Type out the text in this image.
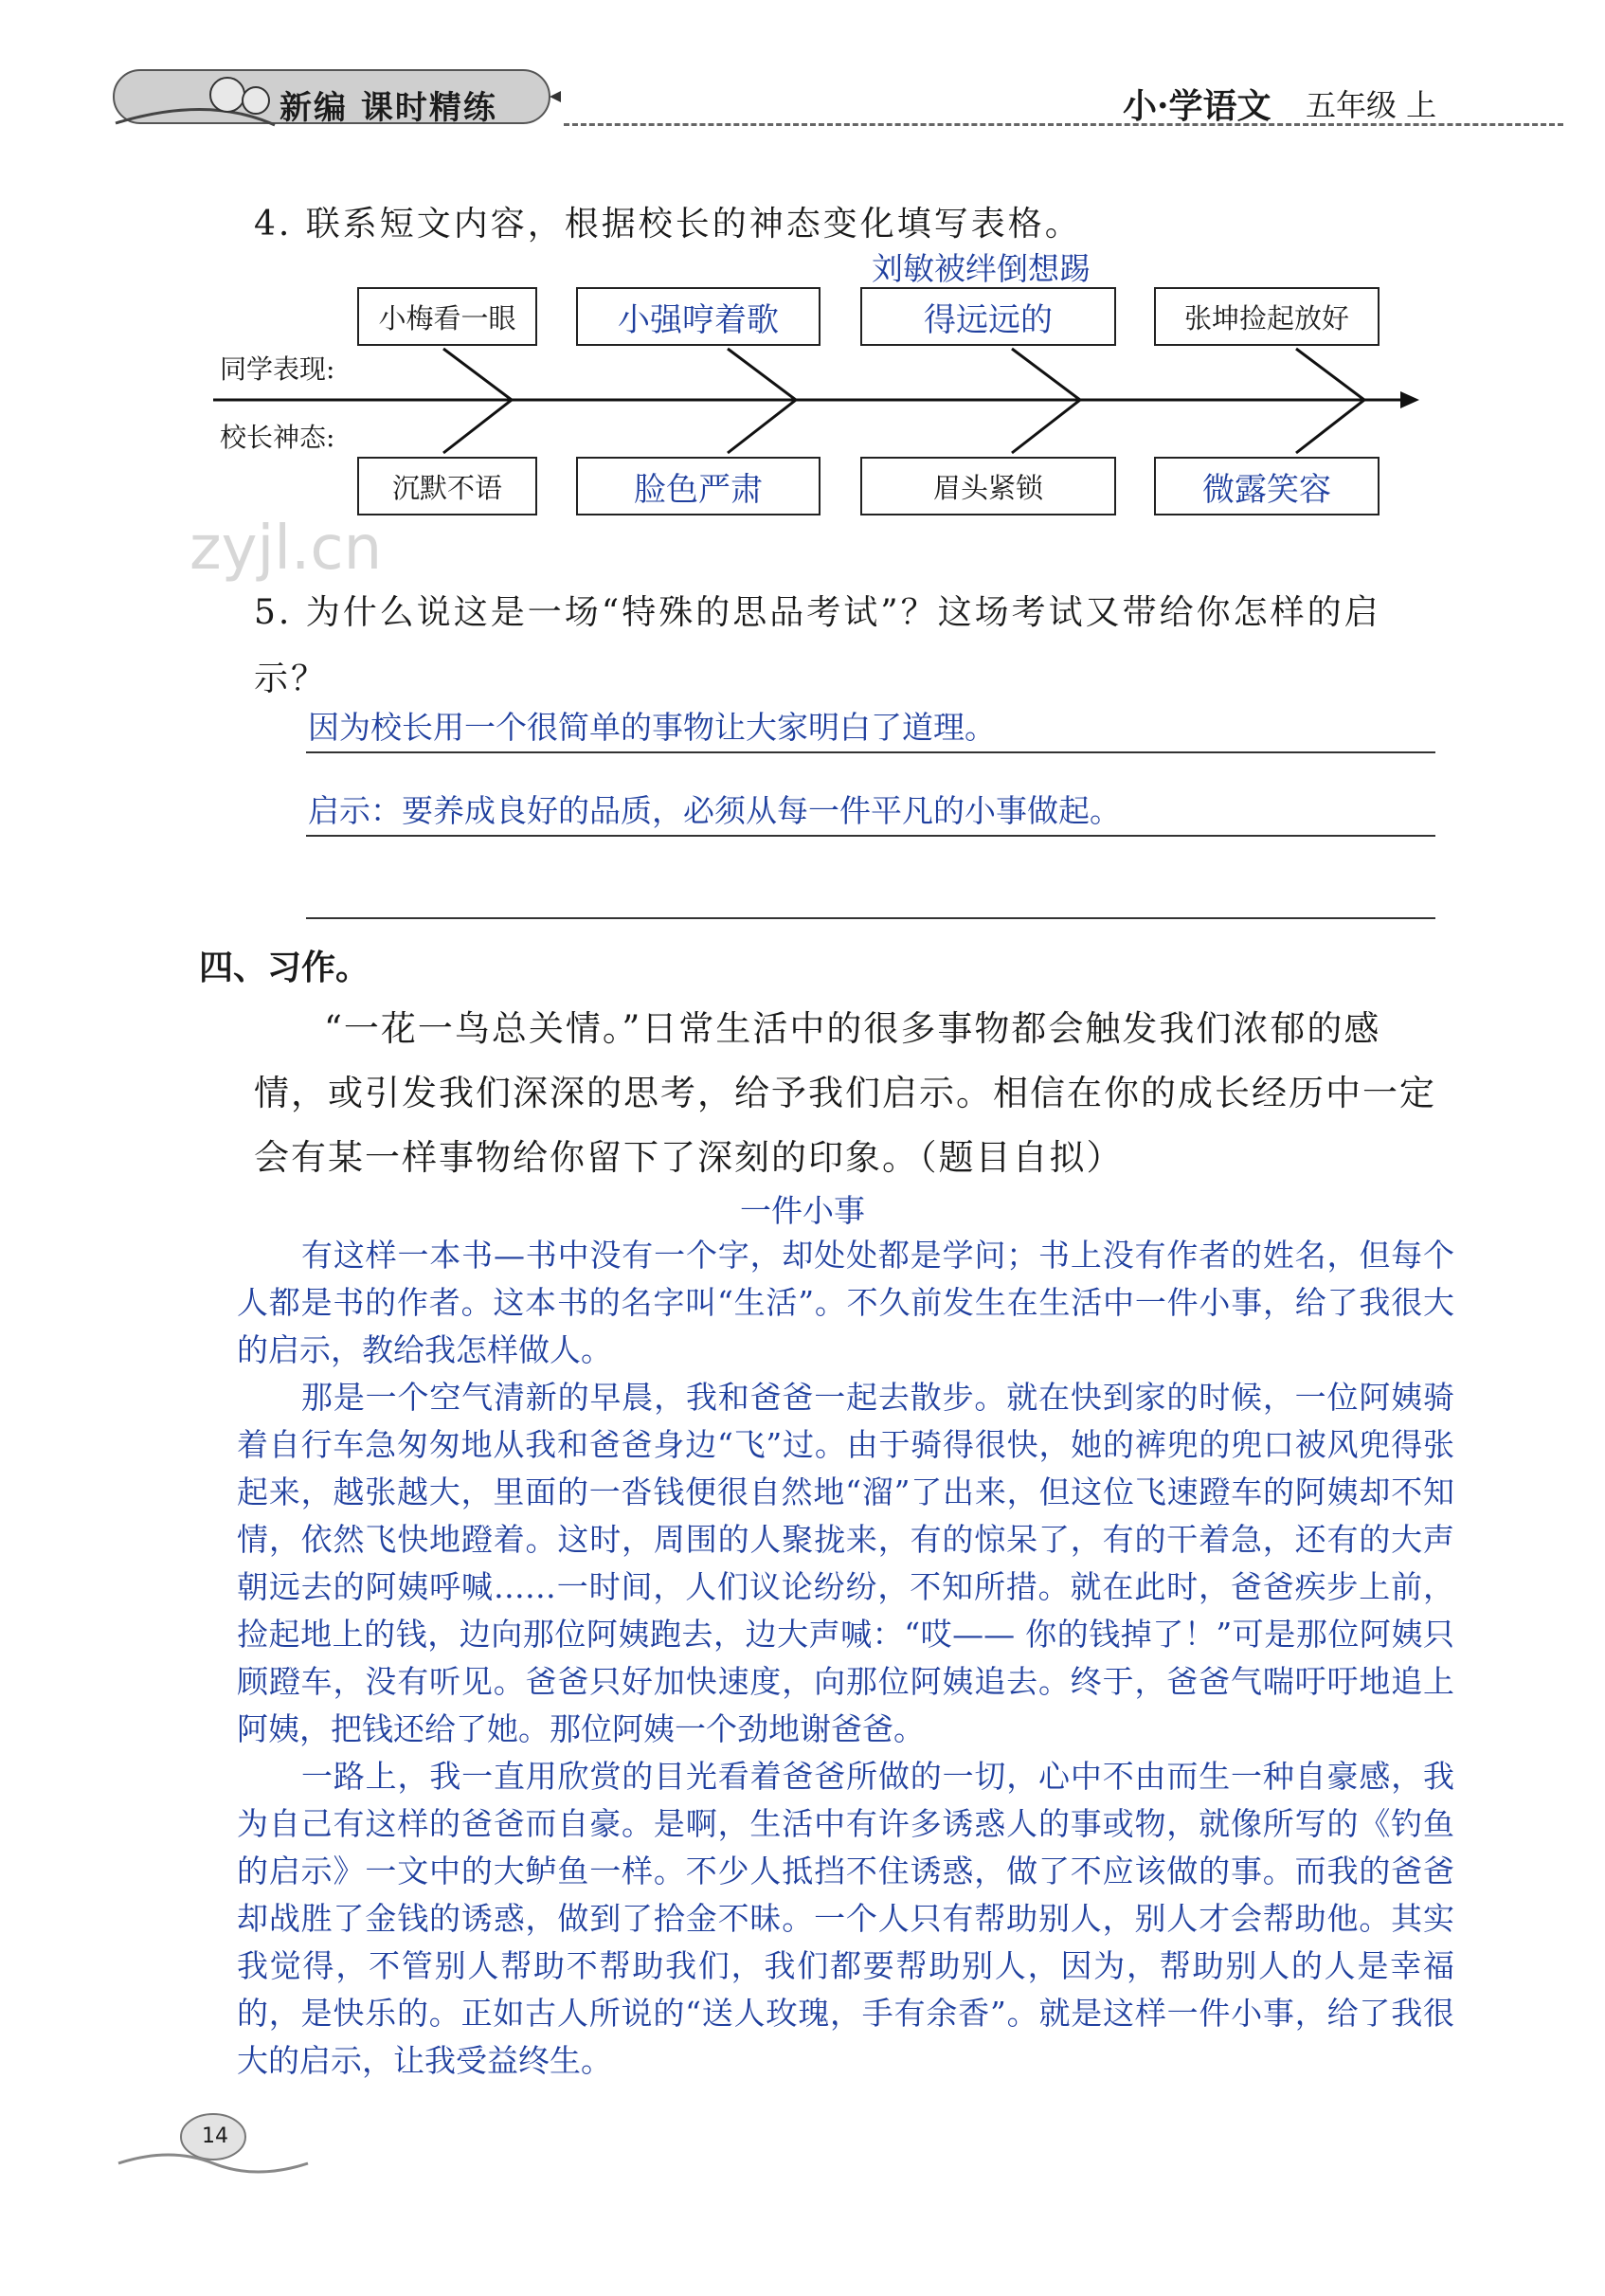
新编 课时精练	小·学语文 五年级 上
4. 联系短文内容，根据校长的神态变化填写表格。
刘敏被绊倒想踢
同学表现:
校长神态:
小梅看一眼	小强哼着歌	得远远的	张坤捡起放好
沉默不语	脸色严肃	眉头紧锁	微露笑容
zyjl.cn
5. 为什么说这是一场“特殊的思品考试”？这场考试又带给你怎样的启示？
因为校长用一个很简单的事物让大家明白了道理。
启示：要养成良好的品质，必须从每一件平凡的小事做起。
四、习作。
“一花一鸟总关情。”日常生活中的很多事物都会触发我们浓郁的感情，或引发我们深深的思考，给予我们启示。相信在你的成长经历中一定会有某一样事物给你留下了深刻的印象。（题目自拟）
一件小事

有这样一本书—书中没有一个字，却处处都是学问；书上没有作者的姓名，但每个人都是书的作者。这本书的名字叫“生活”。不久前发生在生活中一件小事，给了我很大的启示，教给我怎样做人。

那是一个空气清新的早晨，我和爸爸一起去散步。就在快到家的时候，一位阿姨骑着自行车急匆匆地从我和爸爸身边“飞”过。由于骑得很快，她的裤兜的兜口被风兜得张起来，越张越大，里面的一沓钱便很自然地“溜”了出来，但这位飞速蹬车的阿姨却不知情，依然飞快地蹬着。这时，周围的人聚拢来，有的惊呆了，有的干着急，还有的大声朝远去的阿姨呼喊……一时间，人们议论纷纷，不知所措。就在此时，爸爸疾步上前，捡起地上的钱，边向那位阿姨跑去，边大声喊：“哎—— 你的钱掉了！”可是那位阿姨只顾蹬车，没有听见。爸爸只好加快速度，向那位阿姨追去。终于，爸爸气喘吁吁地追上阿姨，把钱还给了她。那位阿姨一个劲地谢爸爸。

一路上，我一直用欣赏的目光看着爸爸所做的一切，心中不由而生一种自豪感，我为自己有这样的爸爸而自豪。是啊，生活中有许多诱惑人的事或物，就像所写的《钓鱼的启示》一文中的大鲈鱼一样。不少人抵挡不住诱惑，做了不应该做的事。而我的爸爸却战胜了金钱的诱惑，做到了拾金不昧。一个人只有帮助别人，别人才会帮助他。其实我觉得，不管别人帮助不帮助我们，我们都要帮助别人，因为，帮助别人的人是幸福的，是快乐的。正如古人所说的“送人玫瑰，手有余香”。就是这样一件小事，给了我很大的启示，让我受益终生。

14
